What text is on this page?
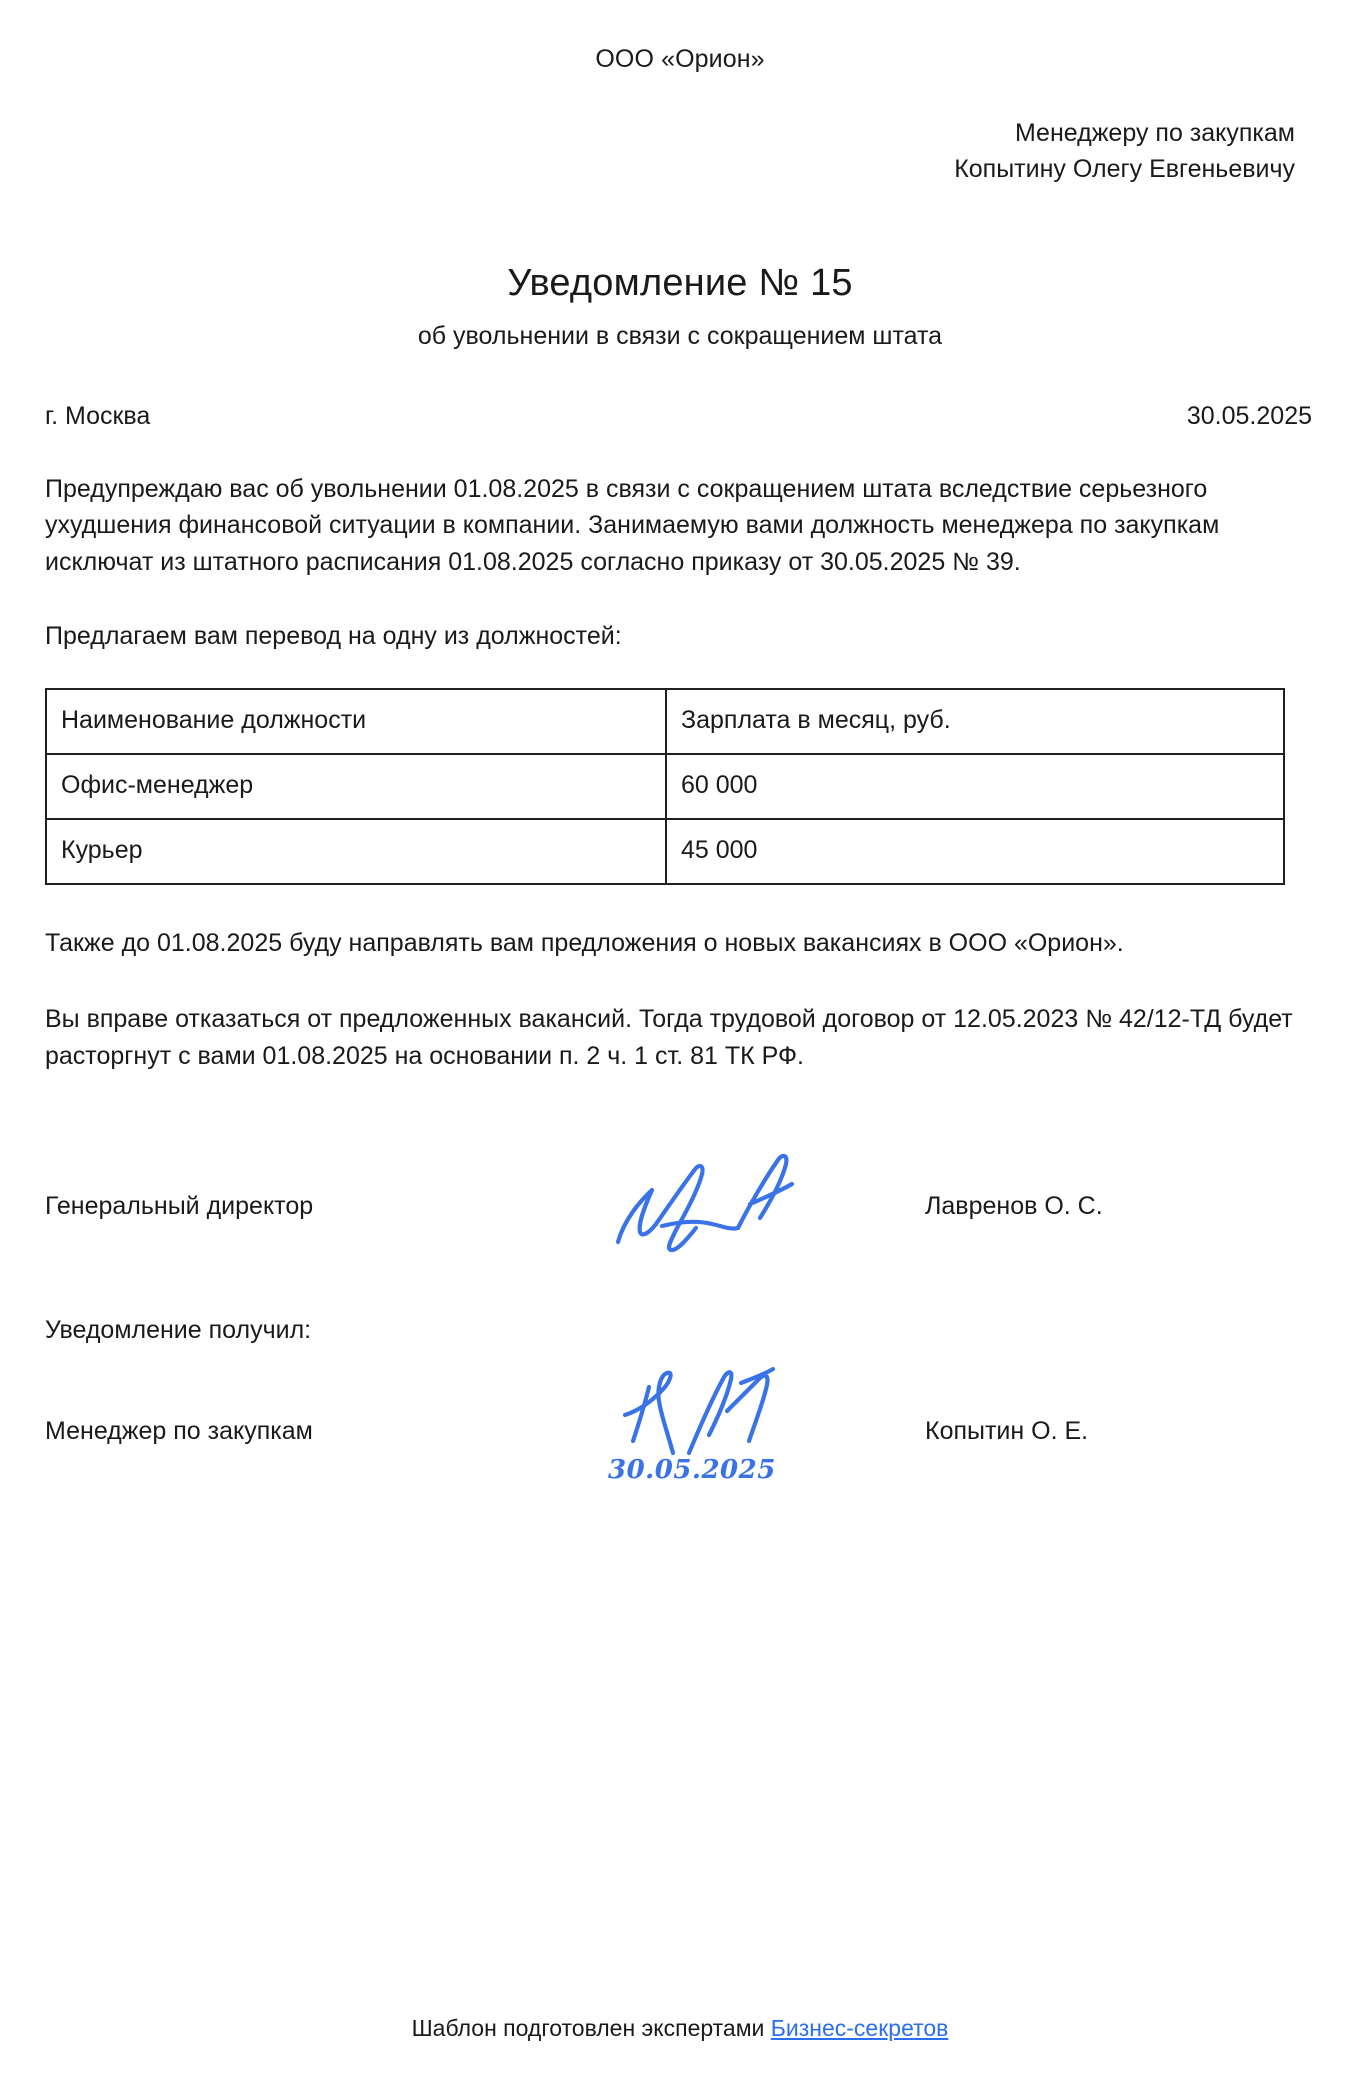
ООО «Орион»
Менеджеру по закупкам
Копытину Олегу Евгеньевичу
Уведомление № 15
об увольнении в связи с сокращением штата
г. Москва	30.05.2025
Предупреждаю вас об увольнении 01.08.2025 в связи с сокращением штата вследствие серьезного ухудшения финансовой ситуации в компании. Занимаемую вами должность менеджера по закупкам исключат из штатного расписания 01.08.2025 согласно приказу от 30.05.2025 № 39.
Предлагаем вам перевод на одну из должностей:
Наименование должности	Зарплата в месяц, руб.
Офис-менеджер	60 000
Курьер	45 000
Также до 01.08.2025 буду направлять вам предложения о новых вакансиях в ООО «Орион».
Вы вправе отказаться от предложенных вакансий. Тогда трудовой договор от 12.05.2023 № 42/12-ТД будет расторгнут с вами 01.08.2025 на основании п. 2 ч. 1 ст. 81 ТК РФ.
Генеральный директор	Лавренов О. С.
Уведомление получил:
Менеджер по закупкам
30.05.2025
Копытин О. Е.
Шаблон подготовлен экспертами Бизнес-секретов
